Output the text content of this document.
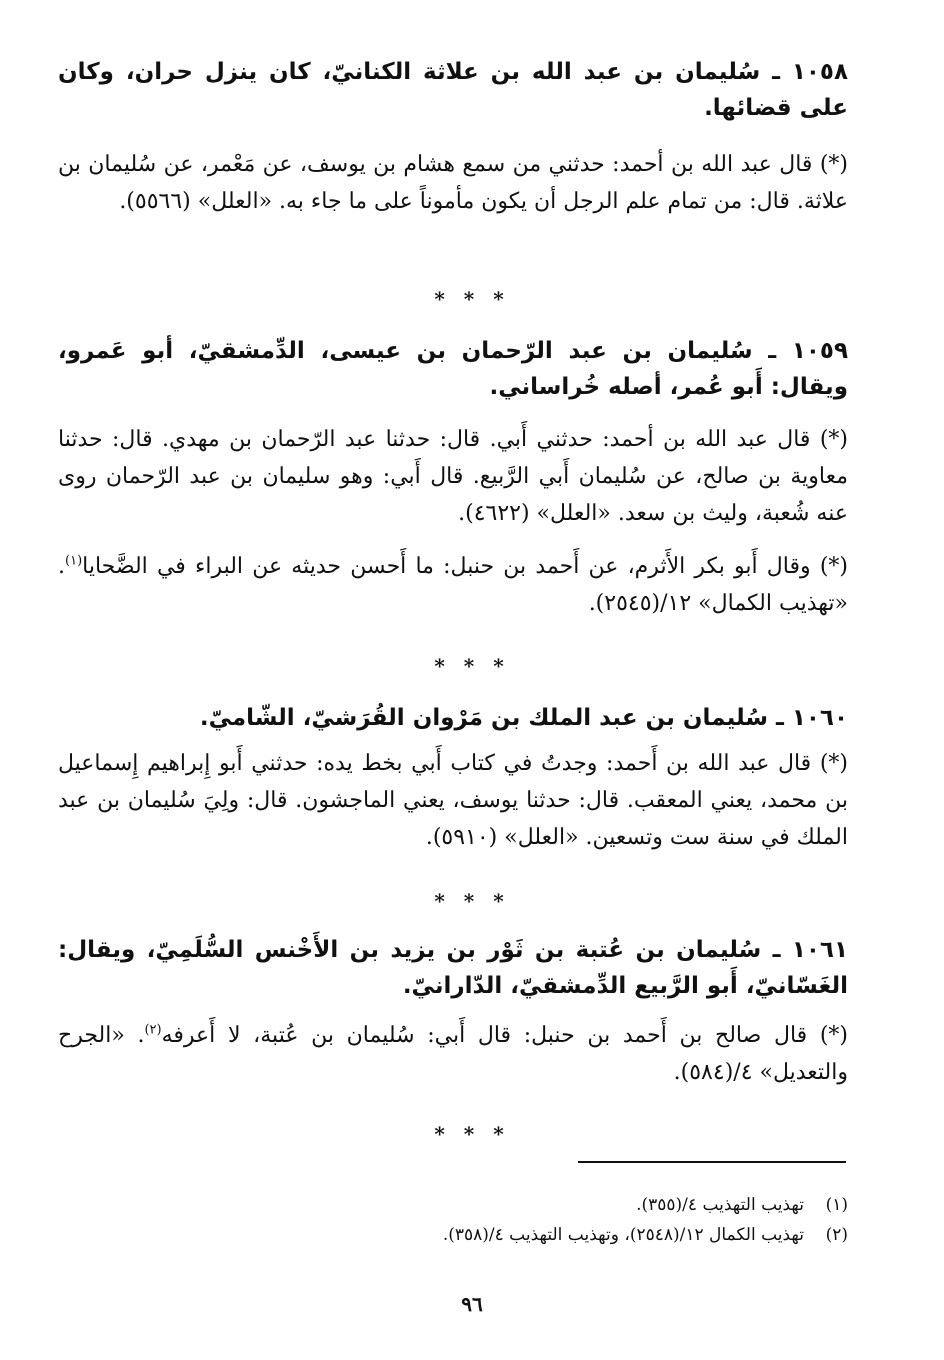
١٠٥٨ ـ سُليمان بن عبد الله بن علاثة الكنانيّ، كان ينزل حران، وكان على قضائها.
(*) قال عبد الله بن أحمد: حدثني من سمع هشام بن يوسف، عن مَعْمر، عن سُليمان بن علاثة. قال: من تمام علم الرجل أن يكون مأموناً على ما جاء به. «العلل» (٥٥٦٦).
* * *
١٠٥٩ ـ سُليمان بن عبد الرّحمان بن عيسى، الدِّمشقيّ، أبو عَمرو، ويقال: أَبو عُمر، أصله خُراساني.
(*) قال عبد الله بن أحمد: حدثني أَبي. قال: حدثنا عبد الرّحمان بن مهدي. قال: حدثنا معاوية بن صالح، عن سُليمان أَبي الرَّبيع. قال أَبي: وهو سليمان بن عبد الرّحمان روى عنه شُعبة، وليث بن سعد. «العلل» (٤٦٢٢).
(*) وقال أَبو بكر الأَثرم، عن أَحمد بن حنبل: ما أَحسن حديثه عن البراء في الضَّحايا$^{(١)}$. «تهذيب الكمال» ١٢/(٢٥٤٥).
* * *
١٠٦٠ ـ سُليمان بن عبد الملك بن مَرْوان القُرَشيّ، الشّاميّ.
(*) قال عبد الله بن أَحمد: وجدتُ في كتاب أَبي بخط يده: حدثني أَبو إِبراهيم إِسماعيل بن محمد، يعني المعقب. قال: حدثنا يوسف، يعني الماجشون. قال: ولِيَ سُليمان بن عبد الملك في سنة ست وتسعين. «العلل» (٥٩١٠).
* * *
١٠٦١ ـ سُليمان بن عُتبة بن ثَوْر بن يزيد بن الأَخْنس السُّلَمِيّ، ويقال: الغَسّانيّ، أَبو الرَّبيع الدِّمشقيّ، الدّارانيّ.
(*) قال صالح بن أَحمد بن حنبل: قال أَبي: سُليمان بن عُتبة، لا أَعرفه$^{(٢)}$. «الجرح والتعديل» ٤/(٥٨٤).
* * *
(١)تهذيب التهذيب ٤/(٣٥٥).
(٢)تهذيب الكمال ١٢/(٢٥٤٨)، وتهذيب التهذيب ٤/(٣٥٨).
٩٦
